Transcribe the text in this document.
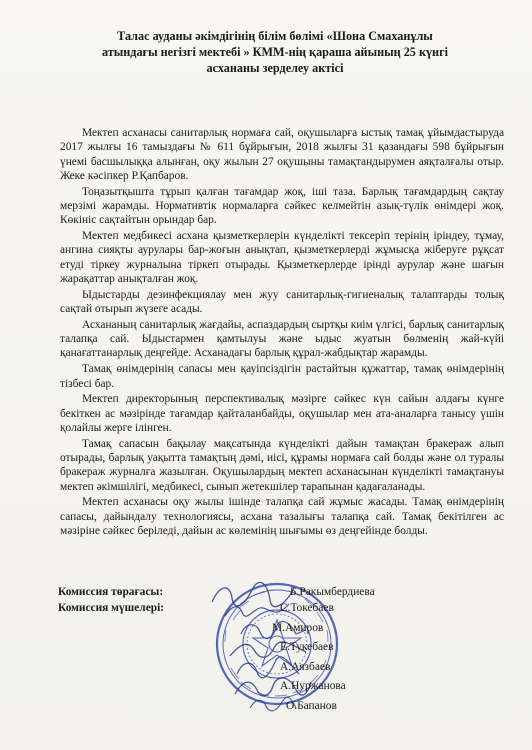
Талас ауданы әкімдігінің білім бөлімі «Шона Смаханұлы
атындағы негізгі мектебі » КММ-нің қараша айының 25 күнгі
асхананы зерделеу актісі

Мектеп асханасы санитарлық нормаға сай, оқушыларға ыстық тамақ ұйымдастыруда 2017 жылғы 16 тамыздағы № 611 бұйрығын, 2018 жылғы 31 қазандағы 598 бұйрығын үнемі басшылыққа алынған, оқу жылын 27 оқушыны тамақтандырумен аяқталғалы отыр. Жеке кәсіпкер Р.Қапбаров.

Тоңазытқышта тұрып қалған тағамдар жоқ, іші таза. Барлық тағамдардың сақтау мерзімі жарамды. Нормативтік нормаларға сәйкес келмейтін азық-түлік өнімдері жоқ. Көкініс сақтайтын орындар бар.

Мектеп медбикесі асхана қызметкерлерін күнделікті тексеріп терінің іріндеу, тұмау, ангина сияқты аурулары бар-жоғын анықтап, қызметкерлерді жұмысқа жіберуге рұқсат етуді тіркеу журналына тіркеп отырады. Қызметкерлерде ірінді аурулар және шағын жарақаттар анықталған жоқ.

Ыдыстарды дезинфекциялау мен жуу санитарлық-гигиеналық талаптарды толық сақтай отырып жүзеге асады.

Асхананың санитарлық жағдайы, аспаздардың сыртқы киім үлгісі, барлық санитарлық талапқа сай. Ыдыстармен қамтылуы және ыдыс жуатын бөлменің жай-күйі қанағаттанарлық деңгейде. Асханадағы барлық құрал-жабдықтар жарамды.

Тамақ өнімдерінің сапасы мен қауіпсіздігін растайтын құжаттар, тамақ өнімдерінің тізбесі бар.

Мектеп директорының перспективалық мәзірге сәйкес күн сайын алдағы күнге бекіткен ас мәзірінде тағамдар қайталанбайды, оқушылар мен ата-аналарға танысу үшін қолайлы жерге ілінген.

Тамақ сапасын бақылау мақсатында күнделікті дайын тамақтан бракераж алып отырады, барлық уақытта тамақтың дәмі, иісі, құрамы нормаға сай болды және ол туралы бракераж журналға жазылған. Оқушылардың мектеп асханасынан күнделікті тамақтануы мектеп әкімшілігі, медбикесі, сынып жетекшілер тарапынан қадағаланады.

Мектеп асханасы оқу жылы ішінде талапқа сай жұмыс жасады. Тамақ өнімдерінің сапасы, дайындалу технологиясы, асхана тазалығы талапқа сай. Тамақ бекітілген ас мәзіріне сәйкес беріледі, дайын ас көлемінің шығымы өз деңгейінде болды.

Комиссия төрағасы:
Комиссия мүшелері:
Б.Ракымбердиева
С.Токебаев
М.Амиров
Е.Тукебаев
А.Аязбаев
А.Нуржанова
О.Бапанов
